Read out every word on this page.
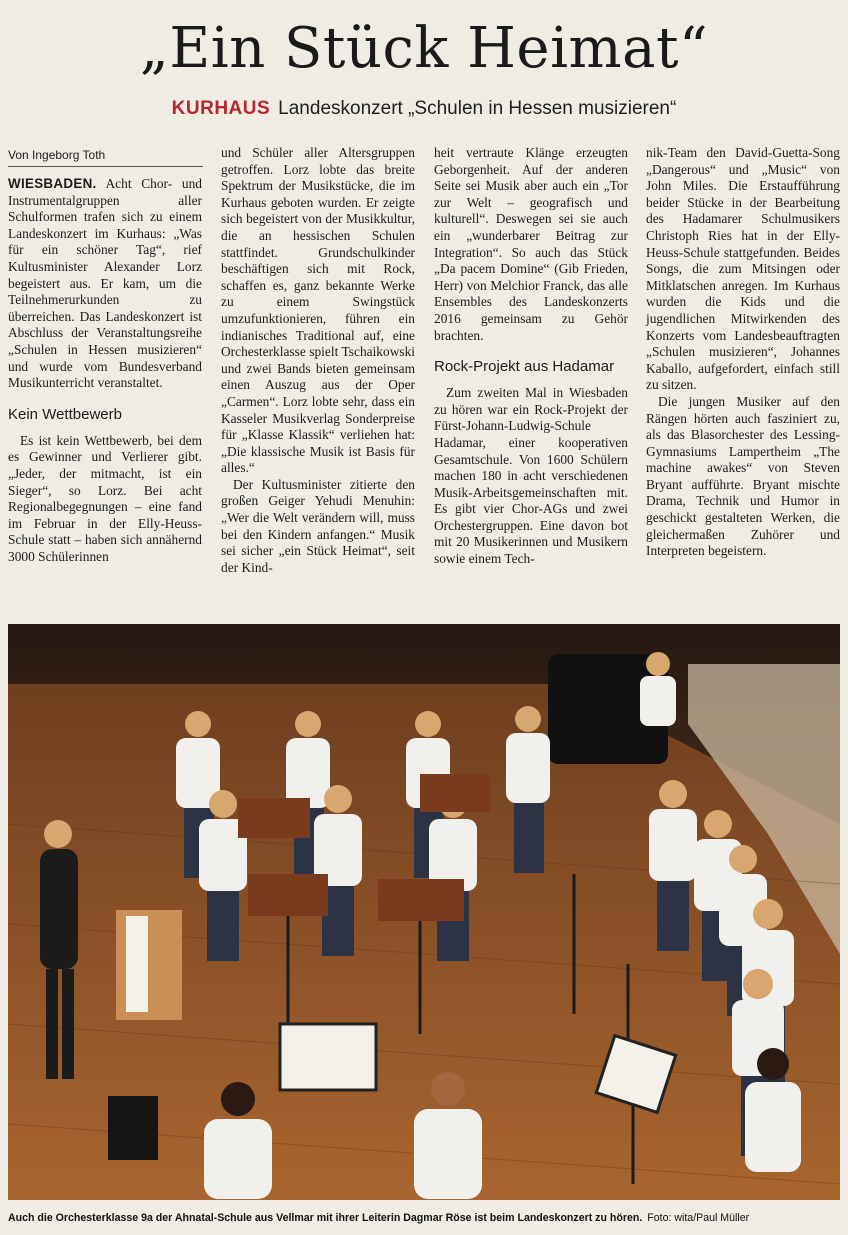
„Ein Stück Heimat“
KURHAUS Landeskonzert „Schulen in Hessen musizieren“
Von Ingeborg Toth

WIESBADEN. Acht Chor- und Instrumentalgruppen aller Schulformen trafen sich zu einem Landeskonzert im Kurhaus: „Was für ein schöner Tag“, rief Kultusminister Alexander Lorz begeistert aus. Er kam, um die Teilnehmerurkunden zu überreichen. Das Landeskonzert ist Abschluss der Veranstaltungsreihe „Schulen in Hessen musizieren“ und wurde vom Bundesverband Musikunterricht veranstaltet.

Kein Wettbewerb

Es ist kein Wettbewerb, bei dem es Gewinner und Verlierer gibt. „Jeder, der mitmacht, ist ein Sieger“, so Lorz. Bei acht Regionalbegegnungen – eine fand im Februar in der Elly-Heuss-Schule statt – haben sich annähernd 3000 Schülerinnen

und Schüler aller Altersgruppen getroffen. Lorz lobte das breite Spektrum der Musikstücke, die im Kurhaus geboten wurden. Er zeigte sich begeistert von der Musikkultur, die an hessischen Schulen stattfindet. Grundschulkinder beschäftigen sich mit Rock, schaffen es, ganz bekannte Werke zu einem Swingstück umzufunktionieren, führen ein indianisches Traditional auf, eine Orchesterklasse spielt Tschaikowski und zwei Bands bieten gemeinsam einen Auszug aus der Oper „Carmen“. Lorz lobte sehr, dass ein Kasseler Musikverlag Sonderpreise für „Klasse Klassik“ verliehen hat: „Die klassische Musik ist Basis für alles.“

Der Kultusminister zitierte den großen Geiger Yehudi Menuhin: „Wer die Welt verändern will, muss bei den Kindern anfangen.“ Musik sei sicher „ein Stück Heimat“, seit der Kind-

heit vertraute Klänge erzeugten Geborgenheit. Auf der anderen Seite sei Musik aber auch ein „Tor zur Welt – geografisch und kulturell“. Deswegen sei sie auch ein „wunderbarer Beitrag zur Integration“. So auch das Stück „Da pacem Domine“ (Gib Frieden, Herr) von Melchior Franck, das alle Ensembles des Landeskonzerts 2016 gemeinsam zu Gehör brachten.

Rock-Projekt aus Hadamar

Zum zweiten Mal in Wiesbaden zu hören war ein Rock-Projekt der Fürst-Johann-Ludwig-Schule Hadamar, einer kooperativen Gesamtschule. Von 1600 Schülern machen 180 in acht verschiedenen Musik-Arbeitsgemeinschaften mit. Es gibt vier Chor-AGs und zwei Orchestergruppen. Eine davon bot mit 20 Musikerinnen und Musikern sowie einem Tech-

nik-Team den David-Guetta-Song „Dangerous“ und „Music“ von John Miles. Die Erstaufführung beider Stücke in der Bearbeitung des Hadamarer Schulmusikers Christoph Ries hat in der Elly-Heuss-Schule stattgefunden. Beides Songs, die zum Mitsingen oder Mitklatschen anregen. Im Kurhaus wurden die Kids und die jugendlichen Mitwirkenden des Konzerts vom Landesbeauftragten „Schulen musizieren“, Johannes Kaballo, aufgefordert, einfach still zu sitzen.

Die jungen Musiker auf den Rängen hörten auch fasziniert zu, als das Blasorchester des Lessing-Gymnasiums Lampertheim „The machine awakes“ von Steven Bryant aufführte. Bryant mischte Drama, Technik und Humor in geschickt gestalteten Werken, die gleichermaßen Zuhörer und Interpreten begeistern.

Auch die Orchesterklasse 9a der Ahnatal-Schule aus Vellmar mit ihrer Leiterin Dagmar Röse ist beim Landeskonzert zu hören. Foto: wita/Paul Müller
